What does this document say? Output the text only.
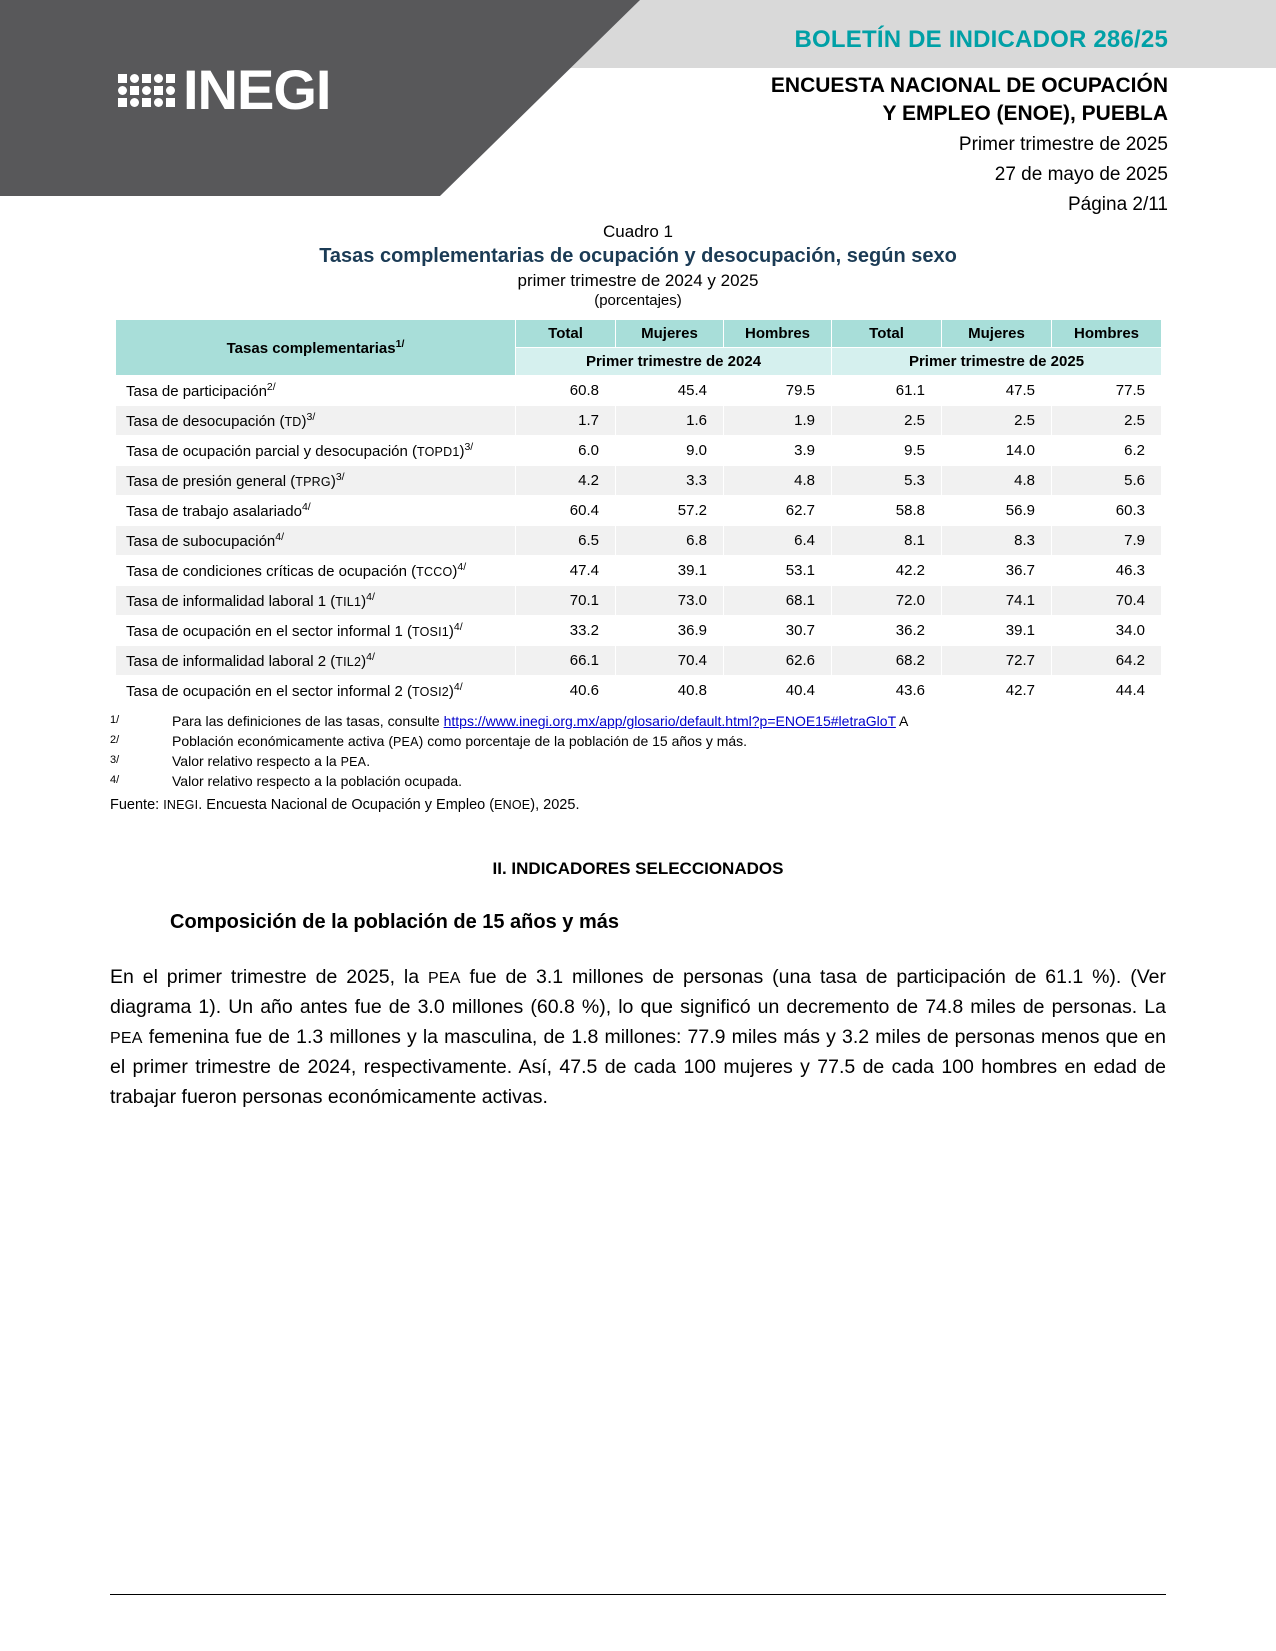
INEGI
BOLETÍN DE INDICADOR 286/25
ENCUESTA NACIONAL DE OCUPACIÓN
Y EMPLEO (ENOE), PUEBLA
Primer trimestre de 2025
27 de mayo de 2025
Página 2/11
Cuadro 1
Tasas complementarias de ocupación y desocupación, según sexo
primer trimestre de 2024 y 2025
(porcentajes)
Tasas complementarias$^{1/}$	Total	Mujeres	Hombres	Total	Mujeres	Hombres
	Primer trimestre de 2024			Primer trimestre de 2025		
Tasa de participación$^{2/}$	60.8	45.4	79.5	61.1	47.5	77.5
Tasa de desocupación (TD)$^{3/}$	1.7	1.6	1.9	2.5	2.5	2.5
Tasa de ocupación parcial y desocupación (TOPD1)$^{3/}$	6.0	9.0	3.9	9.5	14.0	6.2
Tasa de presión general (TPRG)$^{3/}$	4.2	3.3	4.8	5.3	4.8	5.6
Tasa de trabajo asalariado$^{4/}$	60.4	57.2	62.7	58.8	56.9	60.3
Tasa de subocupación$^{4/}$	6.5	6.8	6.4	8.1	8.3	7.9
Tasa de condiciones críticas de ocupación (TCCO)$^{4/}$	47.4	39.1	53.1	42.2	36.7	46.3
Tasa de informalidad laboral 1 $(TIL1)^{4/}$	70.1	73.0	68.1	72.0	74.1	70.4
Tasa de ocupación en el sector informal 1 (TOSI1)$^{4/}$	33.2	36.9	30.7	36.2	39.1	34.0
Tasa de informalidad laboral 2 $(TIL2)^{4/}$	66.1	70.4	62.6	68.2	72.7	64.2
Tasa de ocupación en el sector informal 2 (TOSI2)$^{4/}$	40.6	40.8	40.4	43.6	42.7	44.4
1/	Para las definiciones de las tasas, consulte https://www.inegi.org.mx/app/glosario/default.html?p=ENOE15#letraGloT A
2/	Población económicamente activa (PEA) como porcentaje de la población de 15 años y más.
3/	Valor relativo respecto a la PEA.
4/	Valor relativo respecto a la población ocupada.
Fuente: INEGI. Encuesta Nacional de Ocupación y Empleo (ENOE), 2025.
II. INDICADORES SELECCIONADOS
Composición de la población de 15 años y más

En el primer trimestre de 2025, la PEA fue de 3.1 millones de personas (una tasa de participación de 61.1 %). (Ver diagrama 1). Un año antes fue de 3.0 millones (60.8 %), lo que significó un decremento de 74.8 miles de personas. La PEA femenina fue de 1.3 millones y la masculina, de 1.8 millones: 77.9 miles más y 3.2 miles de personas menos que en el primer trimestre de 2024, respectivamente. Así, 47.5 de cada 100 mujeres y 77.5 de cada 100 hombres en edad de trabajar fueron personas económicamente activas.
